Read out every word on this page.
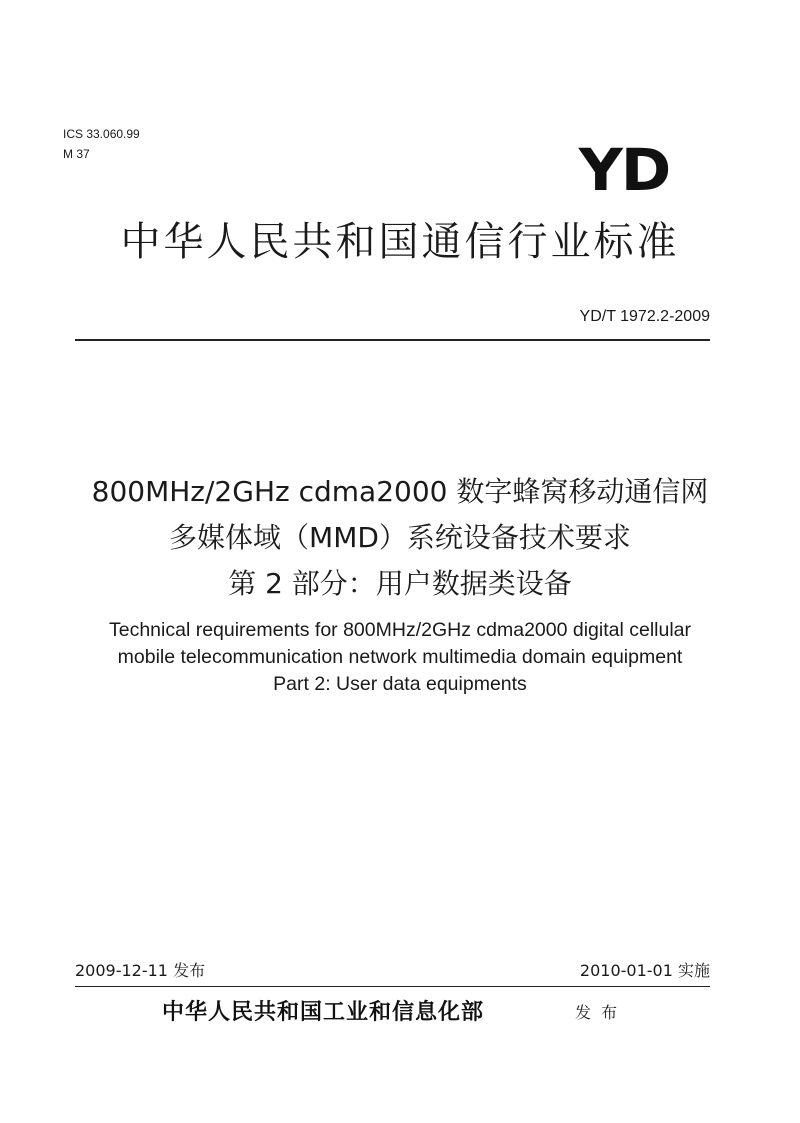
ICS 33.060.99
M 37	YD
中华人民共和国通信行业标准
YD/T 1972.2-2009
800MHz/2GHz cdma2000 数字蜂窝移动通信网
多媒体域（MMD）系统设备技术要求
第 2 部分：用户数据类设备
Technical requirements for 800MHz/2GHz cdma2000 digital cellular
mobile telecommunication network multimedia domain equipment
Part 2: User data equipments
2009-12-11 发布	2010-01-01 实施
中华人民共和国工业和信息化部	发布
